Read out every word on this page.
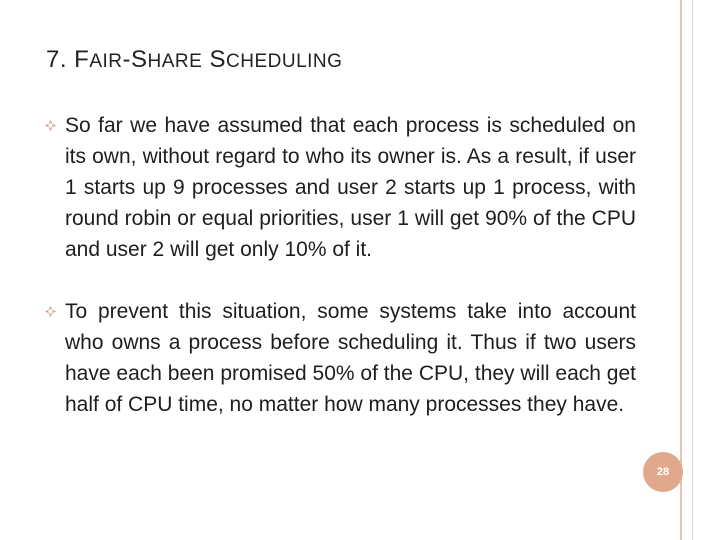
7. FAIR-SHARE SCHEDULING
So far we have assumed that each process is scheduled on its own, without regard to who its owner is. As a result, if user 1 starts up 9 processes and user 2 starts up 1 process, with round robin or equal priorities, user 1 will get 90% of the CPU and user 2 will get only 10% of it.
To prevent this situation, some systems take into account who owns a process before scheduling it. Thus if two users have each been promised 50% of the CPU, they will each get half of CPU time, no matter how many processes they have.
28
